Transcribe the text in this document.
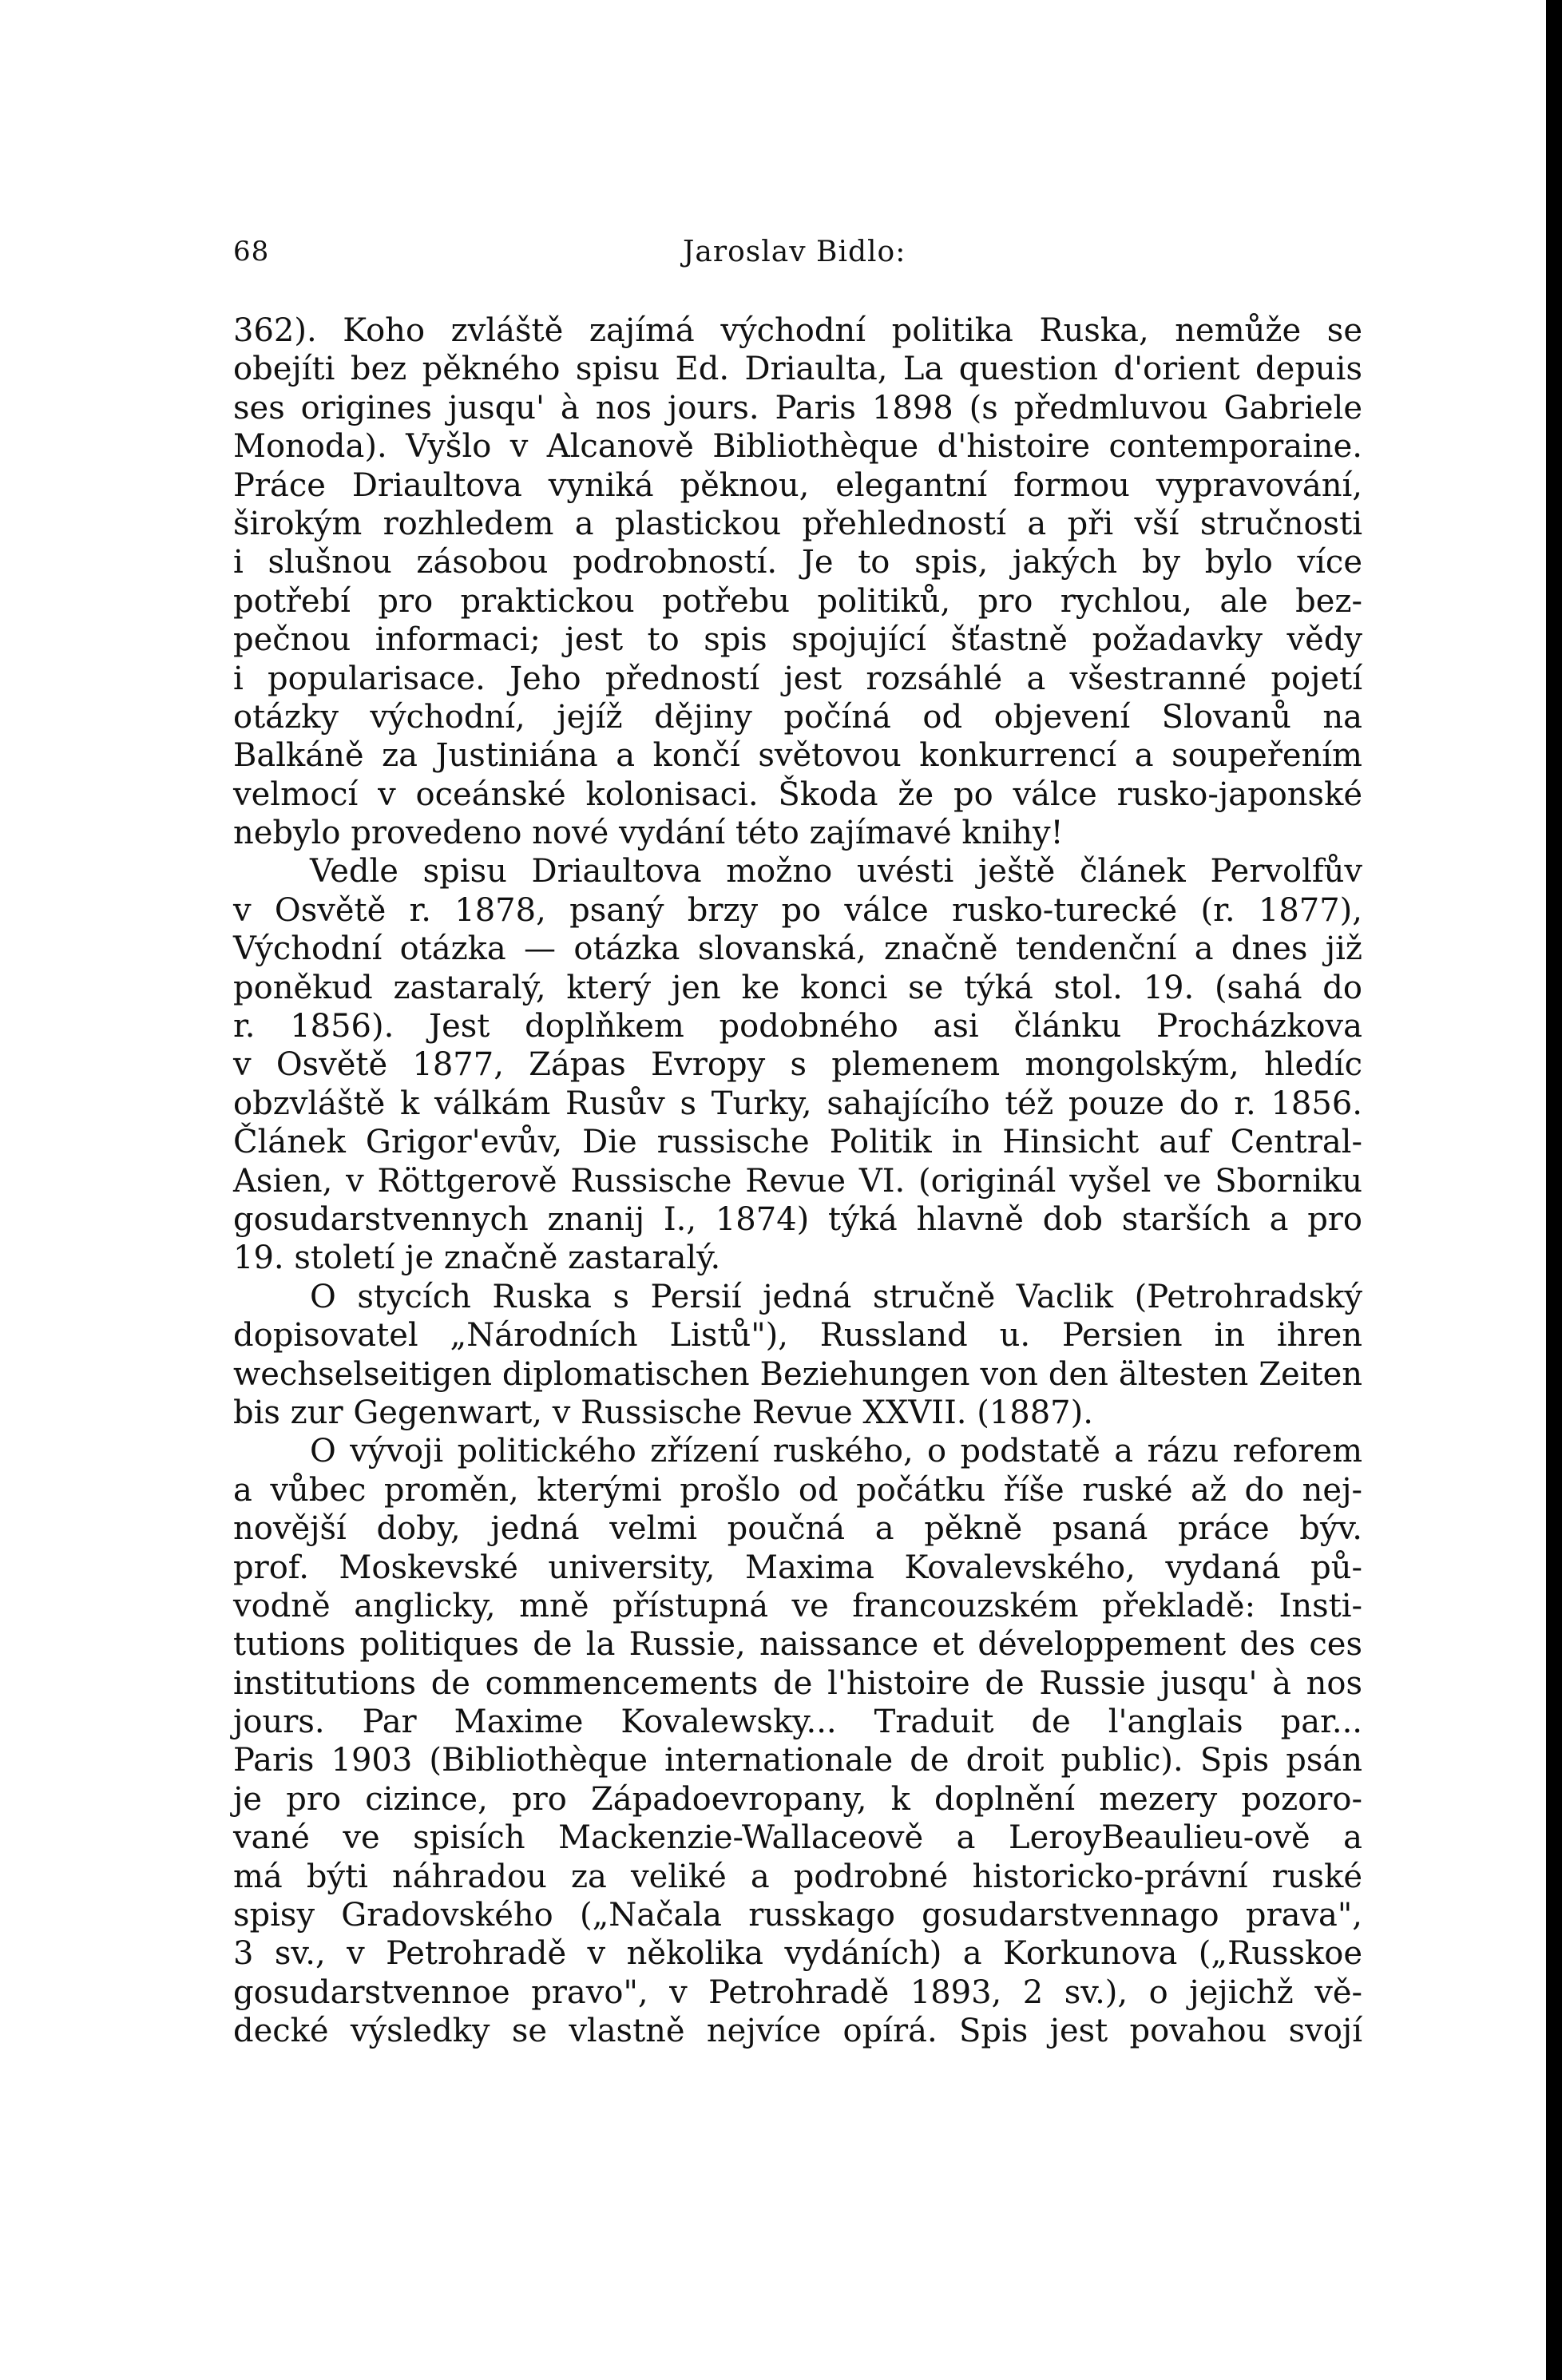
68	Jaroslav Bidlo:
362). Koho zvláště zajímá východní politika Ruska, nemůže se
obejíti bez pěkného spisu Ed. Driaulta, La question d'orient depuis
ses origines jusqu' à nos jours. Paris 1898 (s předmluvou Gabriele
Monoda). Vyšlo v Alcanově Bibliothèque d'histoire contemporaine.
Práce Driaultova vyniká pěknou, elegantní formou vypravování,
širokým rozhledem a plastickou přehledností a při vší stručnosti
i slušnou zásobou podrobností. Je to spis, jakých by bylo více
potřebí pro praktickou potřebu politiků, pro rychlou, ale bez-
pečnou informaci; jest to spis spojující šťastně požadavky vědy
i popularisace. Jeho předností jest rozsáhlé a všestranné pojetí
otázky východní, jejíž dějiny počíná od objevení Slovanů na
Balkáně za Justiniána a končí světovou konkurrencí a soupeřením
velmocí v oceánské kolonisaci. Škoda že po válce rusko-japonské
nebylo provedeno nové vydání této zajímavé knihy!
Vedle spisu Driaultova možno uvésti ještě článek Pervolfův
v Osvětě r. 1878, psaný brzy po válce rusko-turecké (r. 1877),
Východní otázka — otázka slovanská, značně tendenční a dnes již
poněkud zastaralý, který jen ke konci se týká stol. 19. (sahá do
r. 1856). Jest doplňkem podobného asi článku Procházkova
v Osvětě 1877, Zápas Evropy s plemenem mongolským, hledíc
obzvláště k válkám Rusův s Turky, sahajícího též pouze do r. 1856.
Článek Grigor'evův, Die russische Politik in Hinsicht auf Central-
Asien, v Röttgerově Russische Revue VI. (originál vyšel ve Sborniku
gosudarstvennych znanij I., 1874) týká hlavně dob starších a pro
19. století je značně zastaralý.
O stycích Ruska s Persií jedná stručně Vaclik (Petrohradský
dopisovatel „Národních Listů"), Russland u. Persien in ihren
wechselseitigen diplomatischen Beziehungen von den ältesten Zeiten
bis zur Gegenwart, v Russische Revue XXVII. (1887).
O vývoji politického zřízení ruského, o podstatě a rázu reforem
a vůbec proměn, kterými prošlo od počátku říše ruské až do nej-
novější doby, jedná velmi poučná a pěkně psaná práce býv.
prof. Moskevské university, Maxima Kovalevského, vydaná pů-
vodně anglicky, mně přístupná ve francouzském překladě: Insti-
tutions politiques de la Russie, naissance et développement des ces
institutions de commencements de l'histoire de Russie jusqu' à nos
jours. Par Maxime Kovalewsky... Traduit de l'anglais par...
Paris 1903 (Bibliothèque internationale de droit public). Spis psán
je pro cizince, pro Západoevropany, k doplnění mezery pozoro-
vané ve spisích Mackenzie-Wallaceově a LeroyBeaulieu-ově a
má býti náhradou za veliké a podrobné historicko-právní ruské
spisy Gradovského („Načala russkago gosudarstvennago prava",
3 sv., v Petrohradě v několika vydáních) a Korkunova („Russkoe
gosudarstvennoe pravo", v Petrohradě 1893, 2 sv.), o jejichž vě-
decké výsledky se vlastně nejvíce opírá. Spis jest povahou svojí
